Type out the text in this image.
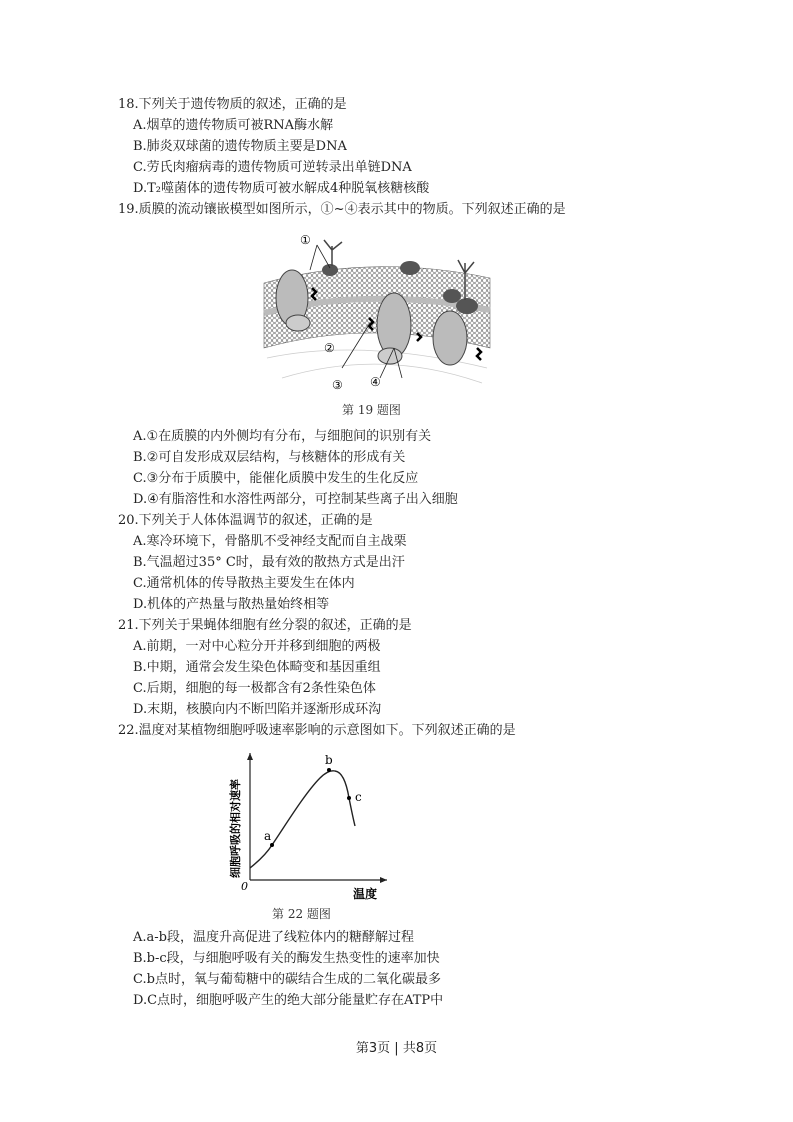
18.下列关于遗传物质的叙述，正确的是
A.烟草的遗传物质可被RNA酶水解
B.肺炎双球菌的遗传物质主要是DNA
C.劳氏肉瘤病毒的遗传物质可逆转录出单链DNA
D.T₂噬菌体的遗传物质可被水解成4种脱氧核糖核酸
19.质膜的流动镶嵌模型如图所示，①~④表示其中的物质。下列叙述正确的是
A.①在质膜的内外侧均有分布，与细胞间的识别有关
B.②可自发形成双层结构，与核糖体的形成有关
C.③分布于质膜中，能催化质膜中发生的生化反应
D.④有脂溶性和水溶性两部分，可控制某些离子出入细胞
20.下列关于人体体温调节的叙述，正确的是
A.寒冷环境下，骨骼肌不受神经支配而自主战栗
B.气温超过35° C时，最有效的散热方式是出汗
C.通常机体的传导散热主要发生在体内
D.机体的产热量与散热量始终相等
21.下列关于果蝇体细胞有丝分裂的叙述，正确的是
A.前期，一对中心粒分开并移到细胞的两极
B.中期，通常会发生染色体畸变和基因重组
C.后期，细胞的每一极都含有2条性染色体
D.末期，核膜向内不断凹陷并逐渐形成环沟
22.温度对某植物细胞呼吸速率影响的示意图如下。下列叙述正确的是
A.a-b段，温度升高促进了线粒体内的糖酵解过程
B.b-c段，与细胞呼吸有关的酶发生热变性的速率加快
C.b点时，氧与葡萄糖中的碳结合生成的二氧化碳最多
D.C点时，细胞呼吸产生的绝大部分能量贮存在ATP中
①
②
③ ④
第 19 题图
a
b
c
0
温度
细胞呼吸的相对速率
第 22 题图
第3页 | 共8页
